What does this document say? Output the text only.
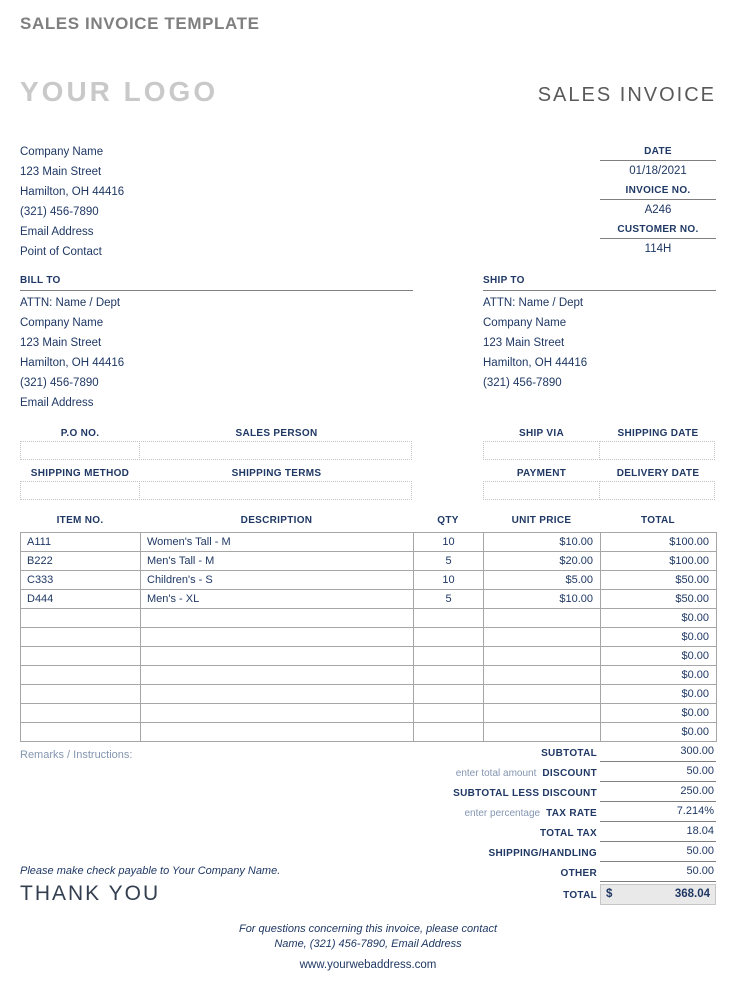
SALES INVOICE TEMPLATE
YOUR LOGO	SALES INVOICE
Company Name
123 Main Street
Hamilton, OH 44416
(321) 456-7890
Email Address
Point of Contact
DATE
01/18/2021
INVOICE NO.
A246
CUSTOMER NO.
114H
BILL TO
ATTN: Name / Dept
Company Name
123 Main Street
Hamilton, OH 44416
(321) 456-7890
Email Address
SHIP TO
ATTN: Name / Dept
Company Name
123 Main Street
Hamilton, OH 44416
(321) 456-7890
P.O NO.	SALES PERSON
SHIPPING METHOD	SHIPPING TERMS
SHIP VIA	SHIPPING DATE
PAYMENT	DELIVERY DATE
ITEM NO.	DESCRIPTION	QTY	UNIT PRICE	TOTAL
A111	Women's Tall - M	10	$10.00	$100.00
B222	Men's Tall - M	5	$20.00	$100.00
C333	Children's - S	10	$5.00	$50.00
D444	Men's - XL	5	$10.00	$50.00
				$0.00
				$0.00
				$0.00
				$0.00
				$0.00
				$0.00
				$0.00
Remarks / Instructions:
Please make check payable to Your Company Name.
THANK YOU
SUBTOTAL	300.00
enter total amount DISCOUNT	50.00
SUBTOTAL LESS DISCOUNT	250.00
enter percentage TAX RATE	7.214%
TOTAL TAX	18.04
SHIPPING/HANDLING	50.00
OTHER	50.00
TOTAL $	368.04
For questions concerning this invoice, please contact
Name, (321) 456-7890, Email Address
www.yourwebaddress.com
